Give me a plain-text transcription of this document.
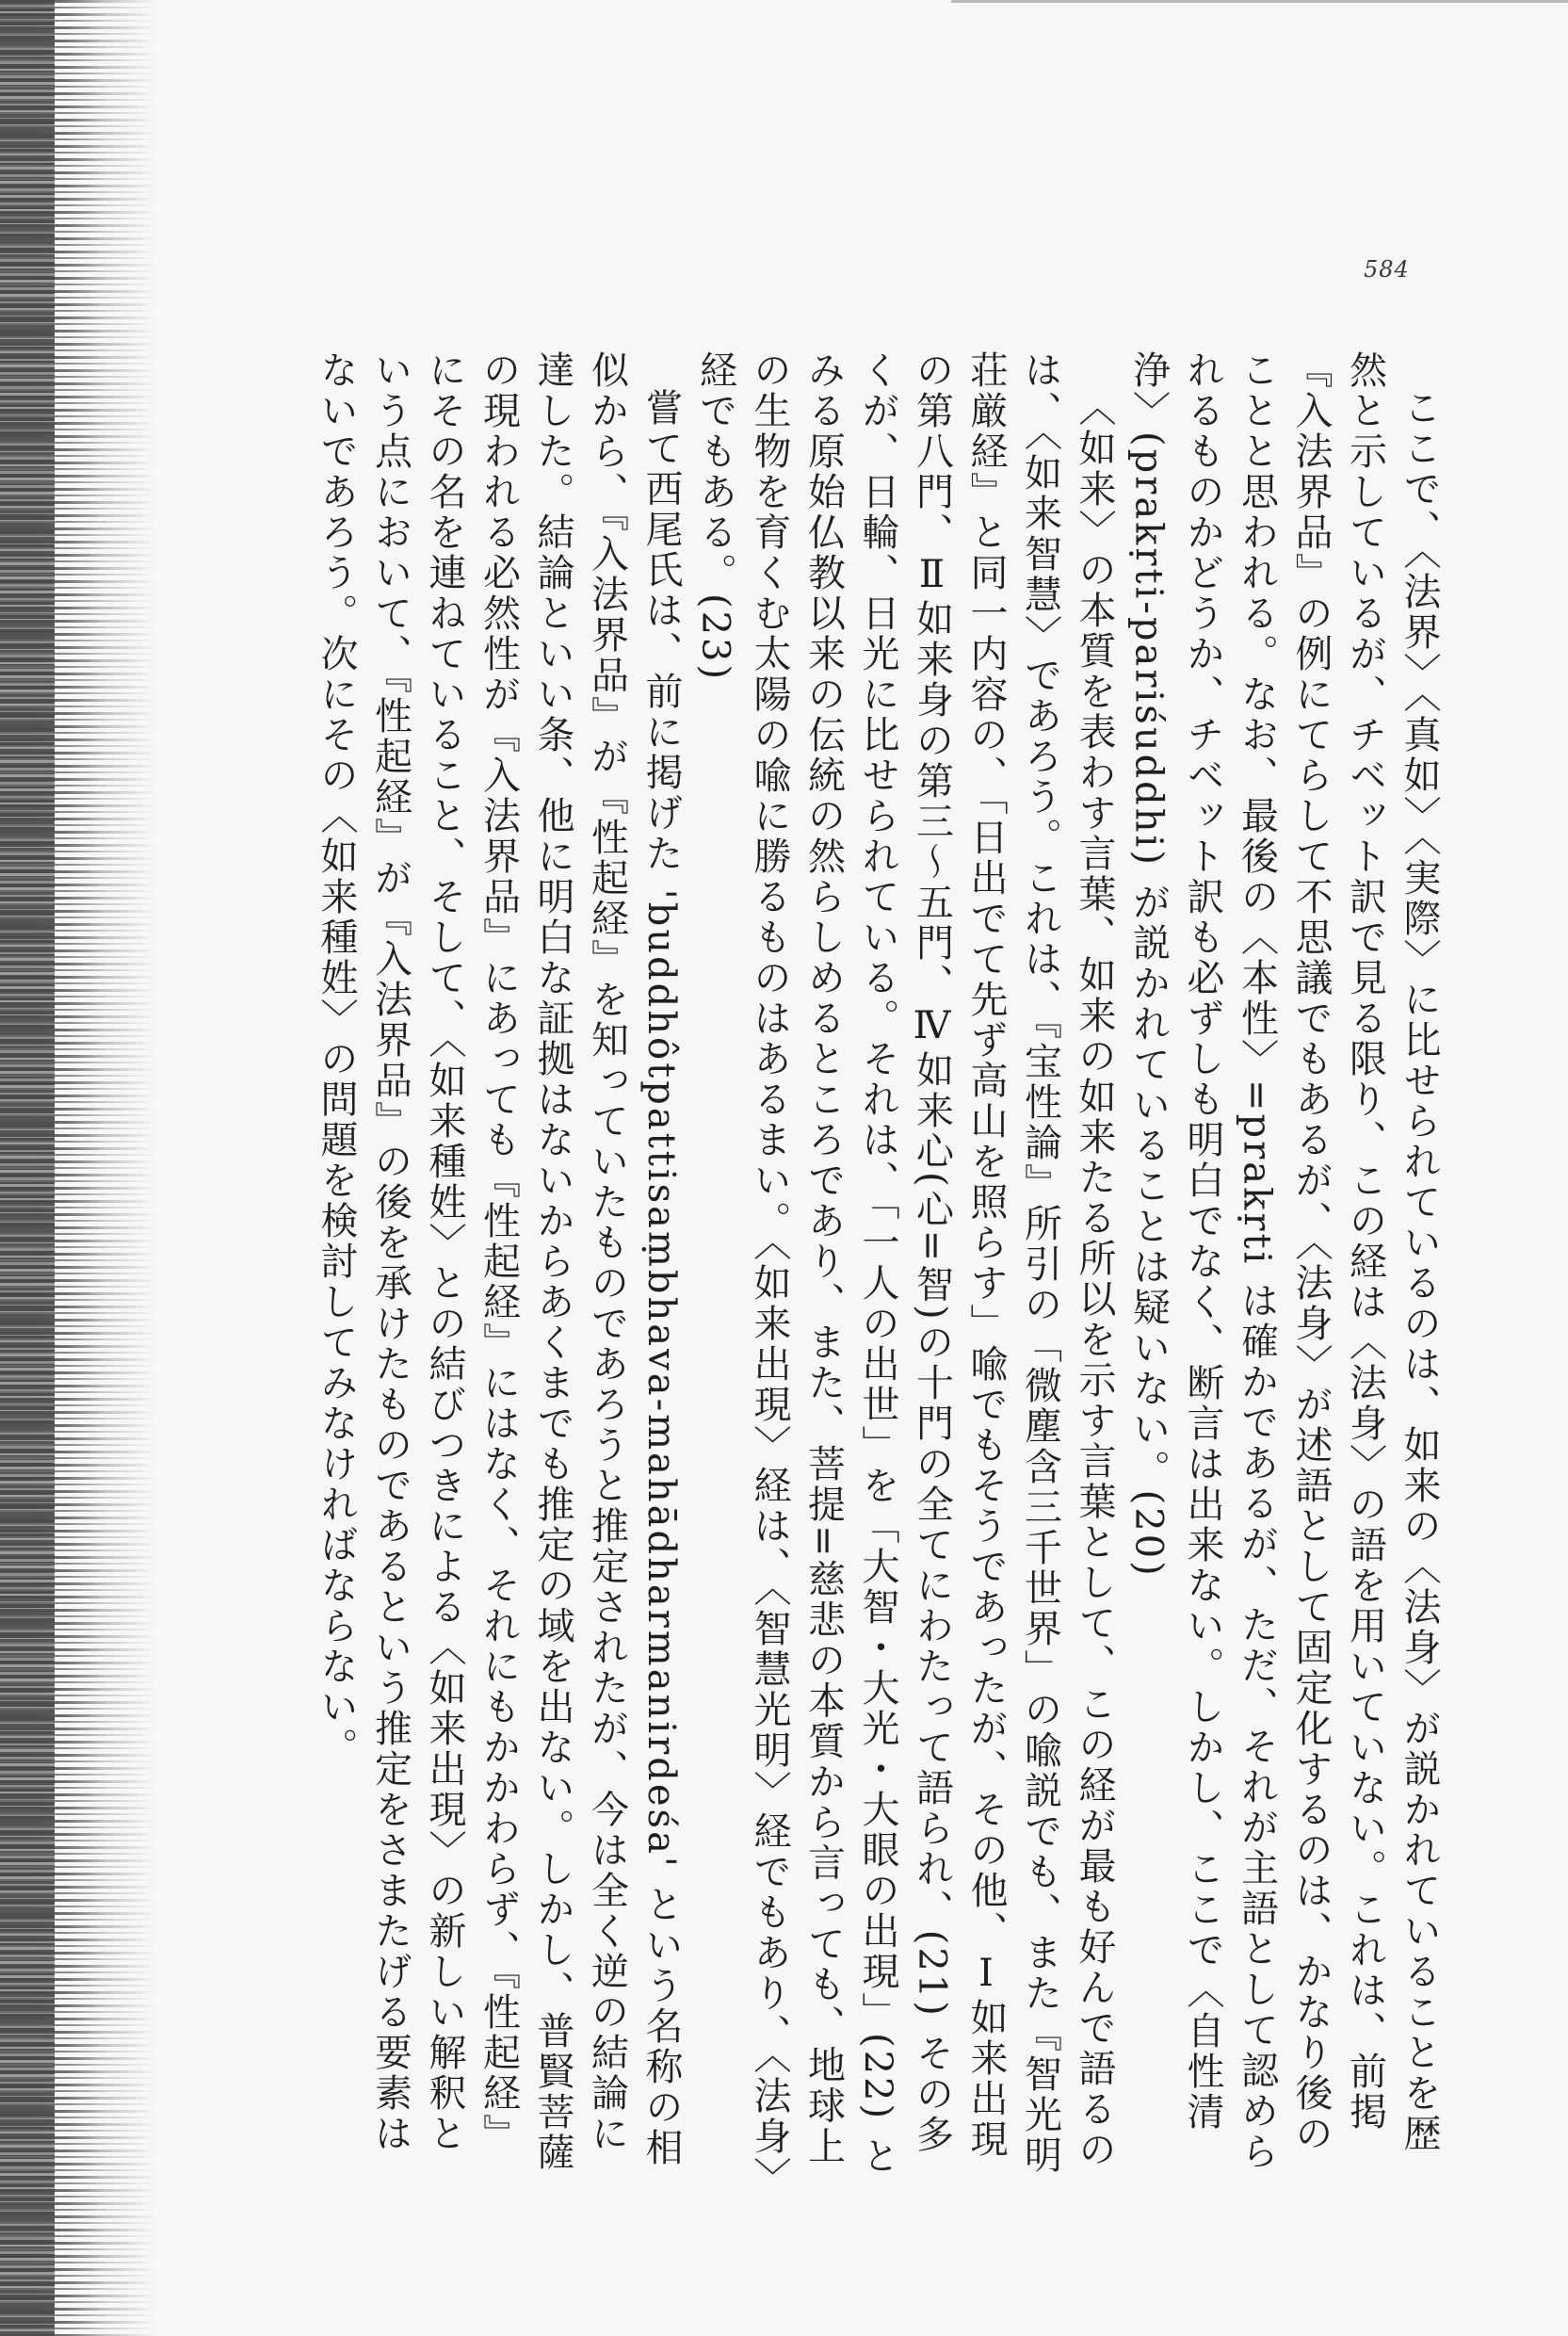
584

ここで、〈法界〉〈真如〉〈実際〉に比せられているのは、如来の〈法身〉が説かれていることを歴然と示しているが、チベット訳で見る限り、この経は〈法身〉の語を用いていない。これは、前掲『入法界品』の例にてらして不思議でもあるが、〈法身〉が述語として固定化するのは、かなり後のことと思われる。なお、最後の〈本性〉=prakṛti は確かであるが、ただ、それが主語として認められるものかどうか、チベット訳も必ずしも明白でなく、断言は出来ない。しかし、ここで〈自性清浄〉(prakṛti-pariśuddhi) が説かれていることは疑いない。(20)

〈如来〉の本質を表わす言葉、如来の如来たる所以を示す言葉として、この経が最も好んで語るのは、〈如来智慧〉であろう。これは、『宝性論』所引の「微塵含三千世界」の喩説でも、また『智光明荘厳経』と同一内容の、「日出でて先ず高山を照らす」喩でもそうであったが、その他、Ⅰ如来出現の第八門、Ⅱ如来身の第三〜五門、Ⅳ如来心(心=智)の十門の全てにわたって語られ、(21) その多くが、日輪、日光に比せられている。それは、「一人の出世」を「大智・大光・大眼の出現」(22) とみる原始仏教以来の伝統の然らしめるところであり、また、菩提=慈悲の本質から言っても、地球上の生物を育くむ太陽の喩に勝るものはあるまい。〈如来出現〉経は、〈智慧光明〉経でもあり、〈法身〉経でもある。(23)

嘗て西尾氏は、前に掲げた 'buddhôtpattisaṃbhava-mahādharmanirdeśa' という名称の相似から、『入法界品』が『性起経』を知っていたものであろうと推定されたが、今は全く逆の結論に達した。結論といい条、他に明白な証拠はないからあくまでも推定の域を出ない。しかし、普賢菩薩の現われる必然性が『入法界品』にあっても『性起経』にはなく、それにもかかわらず、『性起経』にその名を連ねていること、そして、〈如来種姓〉との結びつきによる〈如来出現〉の新しい解釈という点において、『性起経』が『入法界品』の後を承けたものであるという推定をさまたげる要素はないであろう。次にその〈如来種姓〉の問題を検討してみなければならない。
